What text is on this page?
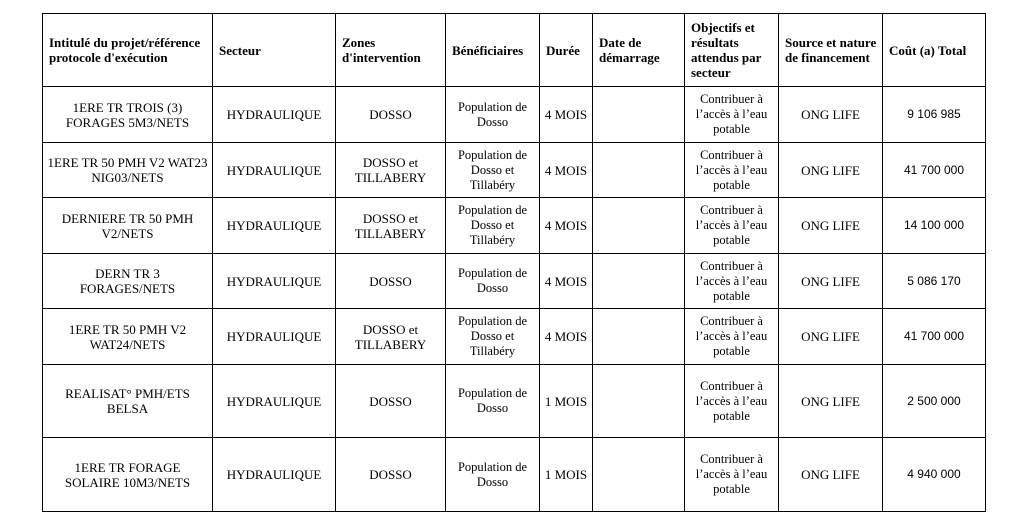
Intitulé du projet/référence protocole d'exécution	Secteur	Zones d'intervention	Bénéficiaires	Durée	Date de démarrage	Objectifs et résultats attendus par secteur	Source et nature de financement	Coût (a) Total
1ERE TR TROIS (3) FORAGES 5M3/NETS	HYDRAULIQUE	DOSSO	Population de Dosso	4 MOIS		Contribuer à l’accès à l’eau potable	ONG LIFE	9 106 985
1ERE TR 50 PMH V2 WAT23 NIG03/NETS	HYDRAULIQUE	DOSSO et TILLABERY	Population de Dosso et Tillabéry	4 MOIS		Contribuer à l’accès à l’eau potable	ONG LIFE	41 700 000
DERNIERE TR 50 PMH V2/NETS	HYDRAULIQUE	DOSSO et TILLABERY	Population de Dosso et Tillabéry	4 MOIS		Contribuer à l’accès à l’eau potable	ONG LIFE	14 100 000
DERN TR 3 FORAGES/NETS	HYDRAULIQUE	DOSSO	Population de Dosso	4 MOIS		Contribuer à l’accès à l’eau potable	ONG LIFE	5 086 170
1ERE TR 50 PMH V2 WAT24/NETS	HYDRAULIQUE	DOSSO et TILLABERY	Population de Dosso et Tillabéry	4 MOIS		Contribuer à l’accès à l’eau potable	ONG LIFE	41 700 000
REALISAT° PMH/ETS BELSA	HYDRAULIQUE	DOSSO	Population de Dosso	1 MOIS		Contribuer à l’accès à l’eau potable	ONG LIFE	2 500 000
1ERE TR FORAGE SOLAIRE 10M3/NETS	HYDRAULIQUE	DOSSO	Population de Dosso	1 MOIS		Contribuer à l’accès à l’eau potable	ONG LIFE	4 940 000
